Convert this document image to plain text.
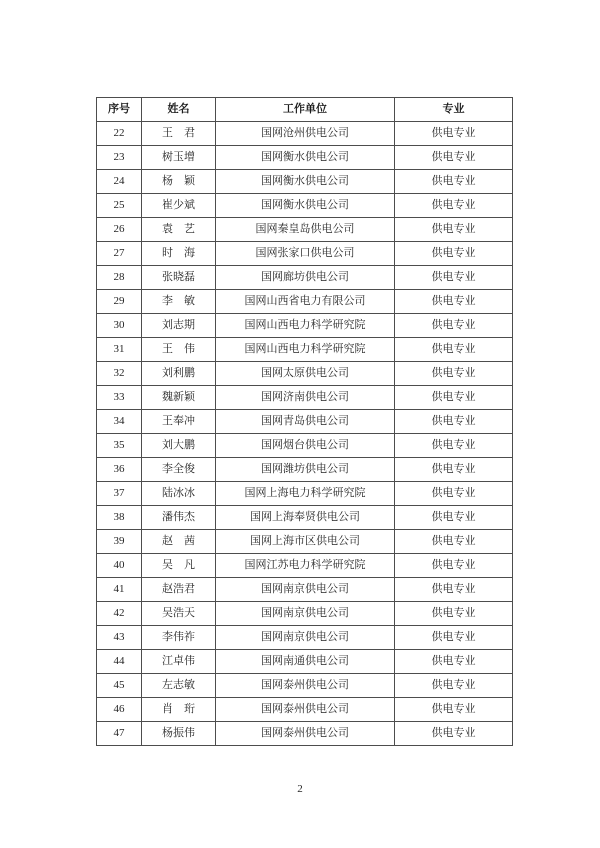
序号	姓名	工作单位	专业
22	王　君	国网沧州供电公司	供电专业
23	树玉增	国网衡水供电公司	供电专业
24	杨　颖	国网衡水供电公司	供电专业
25	崔少斌	国网衡水供电公司	供电专业
26	袁　艺	国网秦皇岛供电公司	供电专业
27	时　海	国网张家口供电公司	供电专业
28	张晓磊	国网廊坊供电公司	供电专业
29	李　敏	国网山西省电力有限公司	供电专业
30	刘志期	国网山西电力科学研究院	供电专业
31	王　伟	国网山西电力科学研究院	供电专业
32	刘利鹏	国网太原供电公司	供电专业
33	魏新颖	国网济南供电公司	供电专业
34	王奉冲	国网青岛供电公司	供电专业
35	刘大鹏	国网烟台供电公司	供电专业
36	李全俊	国网潍坊供电公司	供电专业
37	陆冰冰	国网上海电力科学研究院	供电专业
38	潘伟杰	国网上海奉贤供电公司	供电专业
39	赵　茜	国网上海市区供电公司	供电专业
40	吴　凡	国网江苏电力科学研究院	供电专业
41	赵浩君	国网南京供电公司	供电专业
42	吴浩天	国网南京供电公司	供电专业
43	李伟祚	国网南京供电公司	供电专业
44	江卓伟	国网南通供电公司	供电专业
45	左志敏	国网泰州供电公司	供电专业
46	肖　珩	国网泰州供电公司	供电专业
47	杨振伟	国网泰州供电公司	供电专业
2
